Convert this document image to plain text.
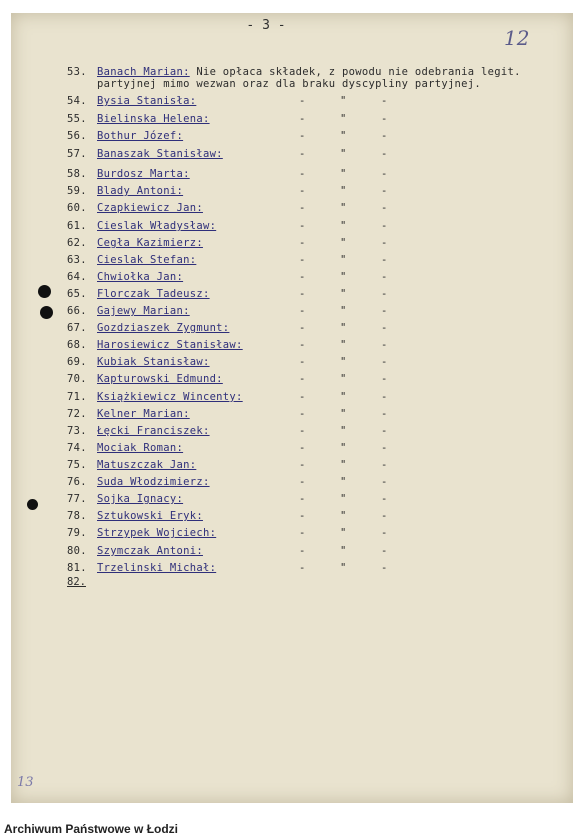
- 3 -
12
13
53. Banach Marian: Nie opłaca składek, z powodu nie odebrania legit.
partyjnej mimo wezwan oraz dla braku dyscypliny partyjnej.
54. Bysia Stanisła:	-	"	-
55. Bielinska Helena:	-	"	-
56. Bothur Józef:	-	"	-
57. Banaszak Stanisław:	-	"	-
58. Burdosz Marta:	-	"	-
59. Blady Antoni:	-	"	-
60. Czapkiewicz Jan:	-	"	-
61. Cieslak Władysław:	-	"	-
62. Cegła Kazimierz:	-	"	-
63. Cieslak Stefan:	-	"	-
64. Chwiołka Jan:	-	"	-
65. Florczak Tadeusz:	-	"	-
66. Gajewy Marian:	-	"	-
67. Gozdziaszek Zygmunt:	-	"	-
68. Harosiewicz Stanisław:	-	"	-
69. Kubiak Stanisław:	-	"	-
70. Kapturowski Edmund:	-	"	-
71. Książkiewicz Wincenty:	-	"	-
72. Kelner Marian:	-	"	-
73. Łęcki Franciszek:	-	"	-
74. Mociak Roman:	-	"	-
75. Matuszczak Jan:	-	"	-
76. Suda Włodzimierz:	-	"	-
77. Sojka Ignacy:	-	"	-
78. Sztukowski Eryk:	-	"	-
79. Strzypek Wojciech:	-	"	-
80. Szymczak Antoni:	-	"	-
81. Trzelinski Michał:	-	"	-
82.
Archiwum Państwowe w Łodzi
